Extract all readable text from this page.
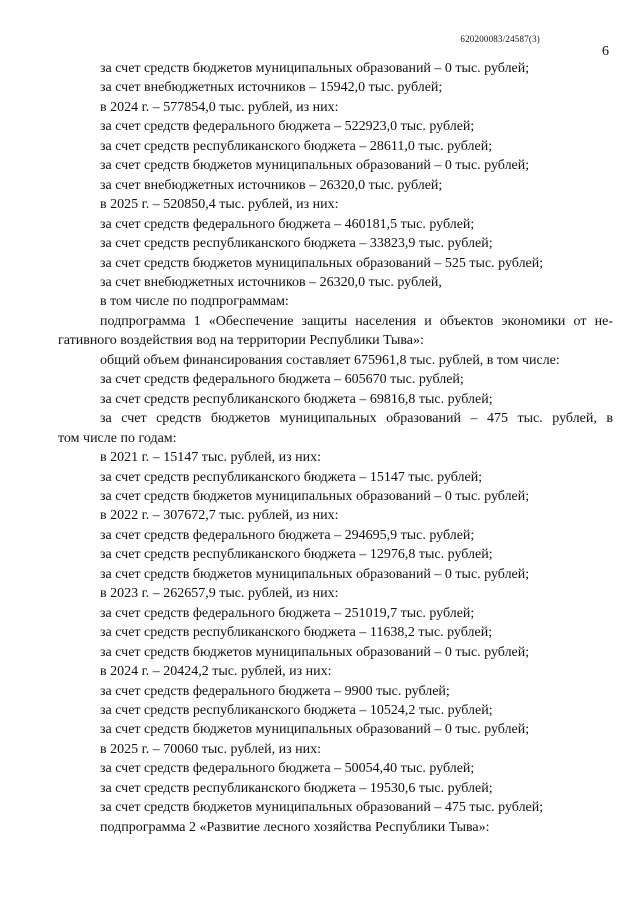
620200083/24587(3)
6
за счет средств бюджетов муниципальных образований – 0 тыс. рублей;
за счет внебюджетных источников – 15942,0 тыс. рублей;
в 2024 г. – 577854,0 тыс. рублей, из них:
за счет средств федерального бюджета – 522923,0 тыс. рублей;
за счет средств республиканского бюджета – 28611,0 тыс. рублей;
за счет средств бюджетов муниципальных образований – 0 тыс. рублей;
за счет внебюджетных источников – 26320,0 тыс. рублей;
в 2025 г. – 520850,4 тыс. рублей, из них:
за счет средств федерального бюджета – 460181,5 тыс. рублей;
за счет средств республиканского бюджета – 33823,9 тыс. рублей;
за счет средств бюджетов муниципальных образований – 525 тыс. рублей;
за счет внебюджетных источников – 26320,0 тыс. рублей,
в том числе по подпрограммам:
подпрограмма 1 «Обеспечение защиты населения и объектов экономики от не-
гативного воздействия вод на территории Республики Тыва»:
общий объем финансирования составляет 675961,8 тыс. рублей, в том числе:
за счет средств федерального бюджета – 605670 тыс. рублей;
за счет средств республиканского бюджета – 69816,8 тыс. рублей;
за счет средств бюджетов муниципальных образований – 475 тыс. рублей, в
том числе по годам:
в 2021 г. – 15147 тыс. рублей, из них:
за счет средств республиканского бюджета – 15147 тыс. рублей;
за счет средств бюджетов муниципальных образований – 0 тыс. рублей;
в 2022 г. – 307672,7 тыс. рублей, из них:
за счет средств федерального бюджета – 294695,9 тыс. рублей;
за счет средств республиканского бюджета – 12976,8 тыс. рублей;
за счет средств бюджетов муниципальных образований – 0 тыс. рублей;
в 2023 г. – 262657,9 тыс. рублей, из них:
за счет средств федерального бюджета – 251019,7 тыс. рублей;
за счет средств республиканского бюджета – 11638,2 тыс. рублей;
за счет средств бюджетов муниципальных образований – 0 тыс. рублей;
в 2024 г. – 20424,2 тыс. рублей, из них:
за счет средств федерального бюджета – 9900 тыс. рублей;
за счет средств республиканского бюджета – 10524,2 тыс. рублей;
за счет средств бюджетов муниципальных образований – 0 тыс. рублей;
в 2025 г. – 70060 тыс. рублей, из них:
за счет средств федерального бюджета – 50054,40 тыс. рублей;
за счет средств республиканского бюджета – 19530,6 тыс. рублей;
за счет средств бюджетов муниципальных образований – 475 тыс. рублей;
подпрограмма 2 «Развитие лесного хозяйства Республики Тыва»:
